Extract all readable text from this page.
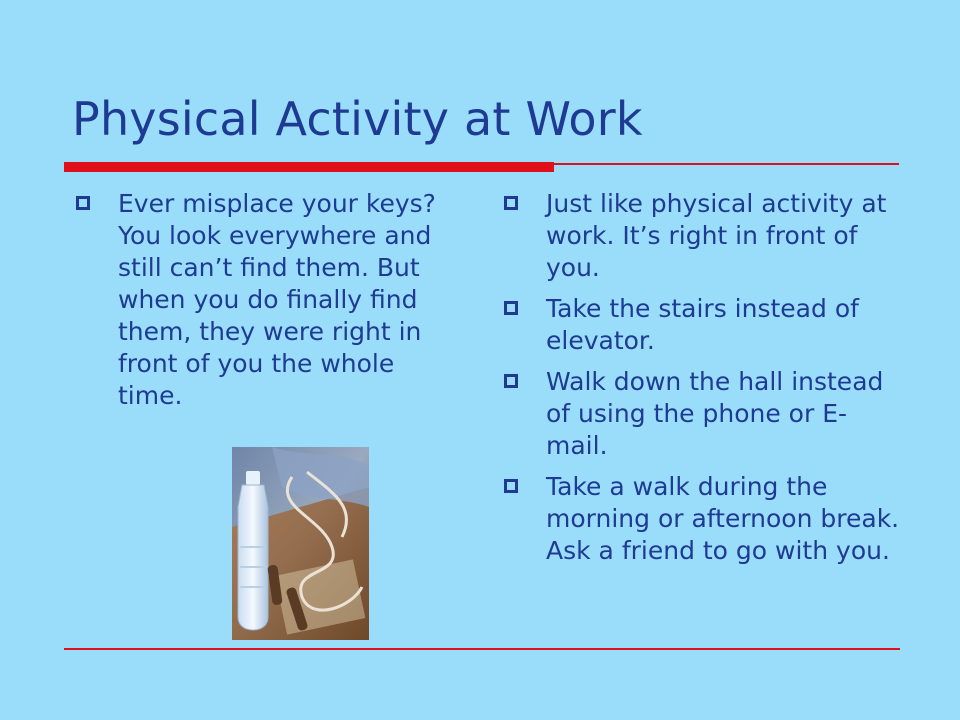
Physical Activity at Work
Ever misplace your keys? You look everywhere and still can’t find them. But when you do finally find them, they were right in front of you the whole time.
Just like physical activity at work. It’s right in front of you.
Take the stairs instead of elevator.
Walk down the hall instead of using the phone or E-mail.
Take a walk during the morning or afternoon break. Ask a friend to go with you.
